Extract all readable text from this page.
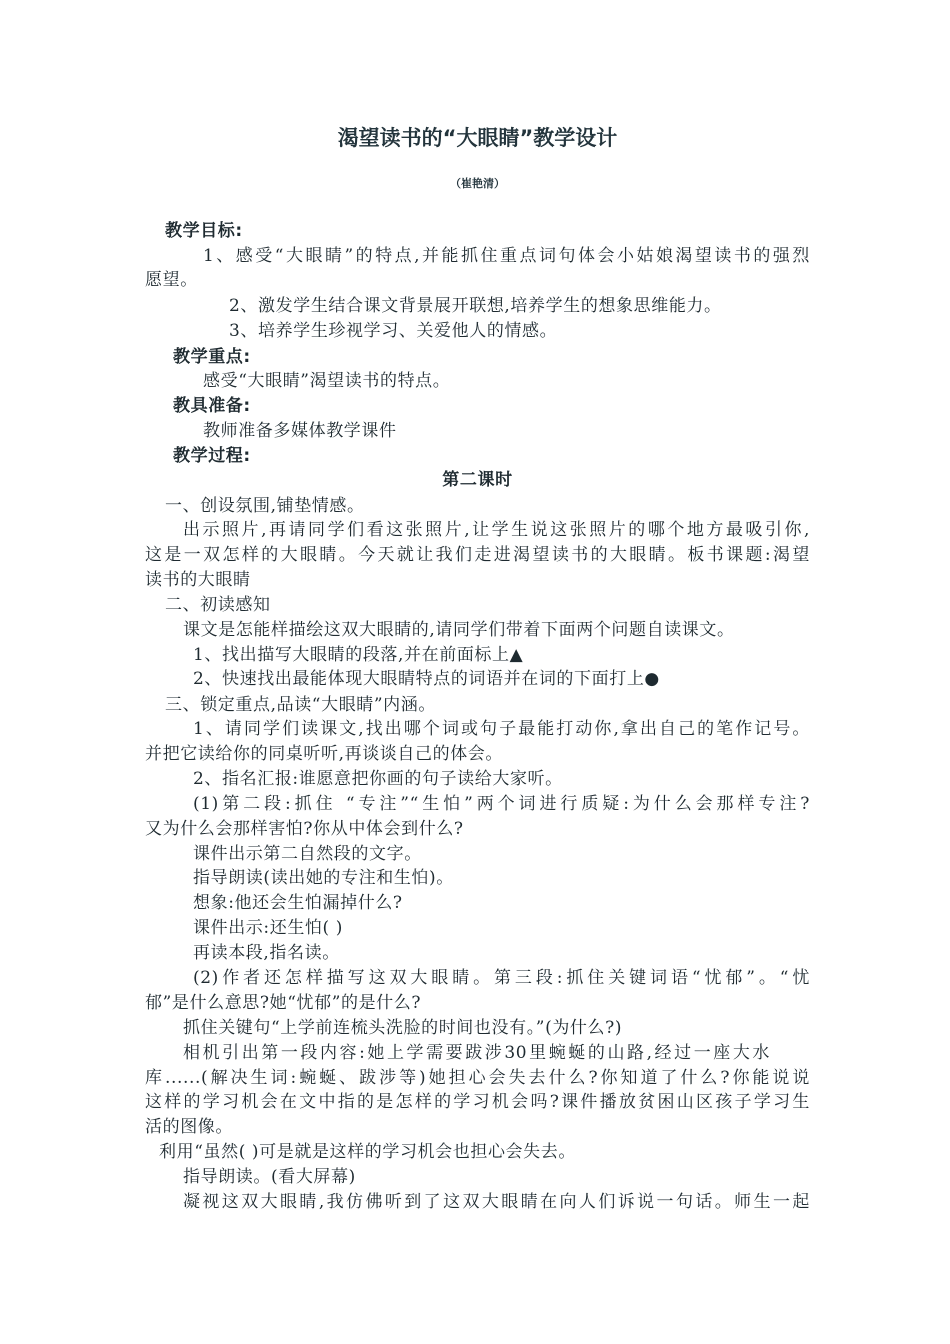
渴望读书的“大眼睛”教学设计
（崔艳清）
教学目标:
1、感受“大眼睛”的特点,并能抓住重点词句体会小姑娘渴望读书的强烈
愿望。
2、激发学生结合课文背景展开联想,培养学生的想象思维能力。
3、培养学生珍视学习、关爱他人的情感。
教学重点:
感受“大眼睛”渴望读书的特点。
教具准备:
教师准备多媒体教学课件
教学过程:
第二课时
一、创设氛围,铺垫情感。
出示照片,再请同学们看这张照片,让学生说这张照片的哪个地方最吸引你,
这是一双怎样的大眼睛。今天就让我们走进渴望读书的大眼睛。板书课题:渴望
读书的大眼睛
二、初读感知
课文是怎能样描绘这双大眼睛的,请同学们带着下面两个问题自读课文。
1、找出描写大眼睛的段落,并在前面标上▲
2、快速找出最能体现大眼睛特点的词语并在词的下面打上●
三、锁定重点,品读“大眼睛”内涵。
1、请同学们读课文,找出哪个词或句子最能打动你,拿出自己的笔作记号。
并把它读给你的同桌听听,再谈谈自己的体会。
2、指名汇报:谁愿意把你画的句子读给大家听。
(1)第二段:抓住 “专注”“生怕”两个词进行质疑:为什么会那样专注?
又为什么会那样害怕?你从中体会到什么?
课件出示第二自然段的文字。
指导朗读(读出她的专注和生怕)。
想象:他还会生怕漏掉什么?
课件出示:还生怕( )
再读本段,指名读。
(2)作者还怎样描写这双大眼睛。第三段:抓住关键词语“忧郁”。“忧
郁”是什么意思?她“忧郁”的是什么?
抓住关键句“上学前连梳头洗脸的时间也没有。”(为什么?)
相机引出第一段内容:她上学需要跋涉30里蜿蜒的山路,经过一座大水
库......(解决生词:蜿蜒、跋涉等)她担心会失去什么?你知道了什么?你能说说
这样的学习机会在文中指的是怎样的学习机会吗?课件播放贫困山区孩子学习生
活的图像。
利用“虽然( )可是就是这样的学习机会也担心会失去。
指导朗读。(看大屏幕)
凝视这双大眼睛,我仿佛听到了这双大眼睛在向人们诉说一句话。师生一起
